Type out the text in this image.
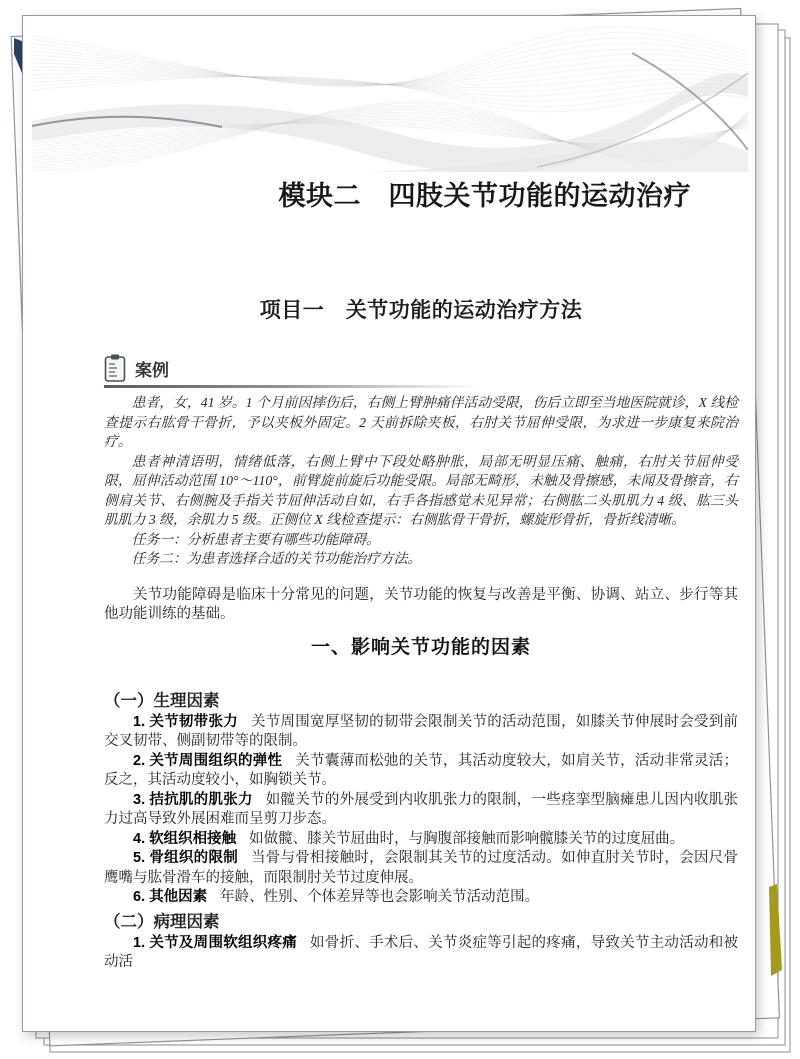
模块二　四肢关节功能的运动治疗
项目一　关节功能的运动治疗方法
案例

患者，女，41 岁。1 个月前因摔伤后，右侧上臂肿痛伴活动受限，伤后立即至当地医院就诊，X 线检查提示右肱骨干骨折，予以夹板外固定。2 天前拆除夹板，右肘关节屈伸受限，为求进一步康复来院治疗。

患者神清语明，情绪低落，右侧上臂中下段处略肿胀，局部无明显压痛、触痛，右肘关节屈伸受限，屈伸活动范围 10°～110°，前臂旋前旋后功能受限。局部无畸形，未触及骨擦感，未闻及骨擦音，右侧肩关节、右侧腕及手指关节屈伸活动自如，右手各指感觉未见异常；右侧肱二头肌肌力 4 级、肱三头肌肌力 3 级，余肌力 5 级。正侧位 X 线检查提示：右侧肱骨干骨折，螺旋形骨折，骨折线清晰。

任务一：分析患者主要有哪些功能障碍。

任务二：为患者选择合适的关节功能治疗方法。

关节功能障碍是临床十分常见的问题，关节功能的恢复与改善是平衡、协调、站立、步行等其他功能训练的基础。

一、影响关节功能的因素
（一）生理因素

1. 关节韧带张力 关节周围宽厚坚韧的韧带会限制关节的活动范围，如膝关节伸展时会受到前交叉韧带、侧副韧带等的限制。

2. 关节周围组织的弹性 关节囊薄而松弛的关节，其活动度较大，如肩关节，活动非常灵活；反之，其活动度较小，如胸锁关节。

3. 拮抗肌的肌张力 如髋关节的外展受到内收肌张力的限制，一些痉挛型脑瘫患儿因内收肌张力过高导致外展困难而呈剪刀步态。

4. 软组织相接触 如做髋、膝关节屈曲时，与胸腹部接触而影响髋膝关节的过度屈曲。

5. 骨组织的限制 当骨与骨相接触时，会限制其关节的过度活动。如伸直肘关节时，会因尺骨鹰嘴与肱骨滑车的接触，而限制肘关节过度伸展。

6. 其他因素 年龄、性别、个体差异等也会影响关节活动范围。

（二）病理因素

1. 关节及周围软组织疼痛 如骨折、手术后、关节炎症等引起的疼痛，导致关节主动活动和被动活
